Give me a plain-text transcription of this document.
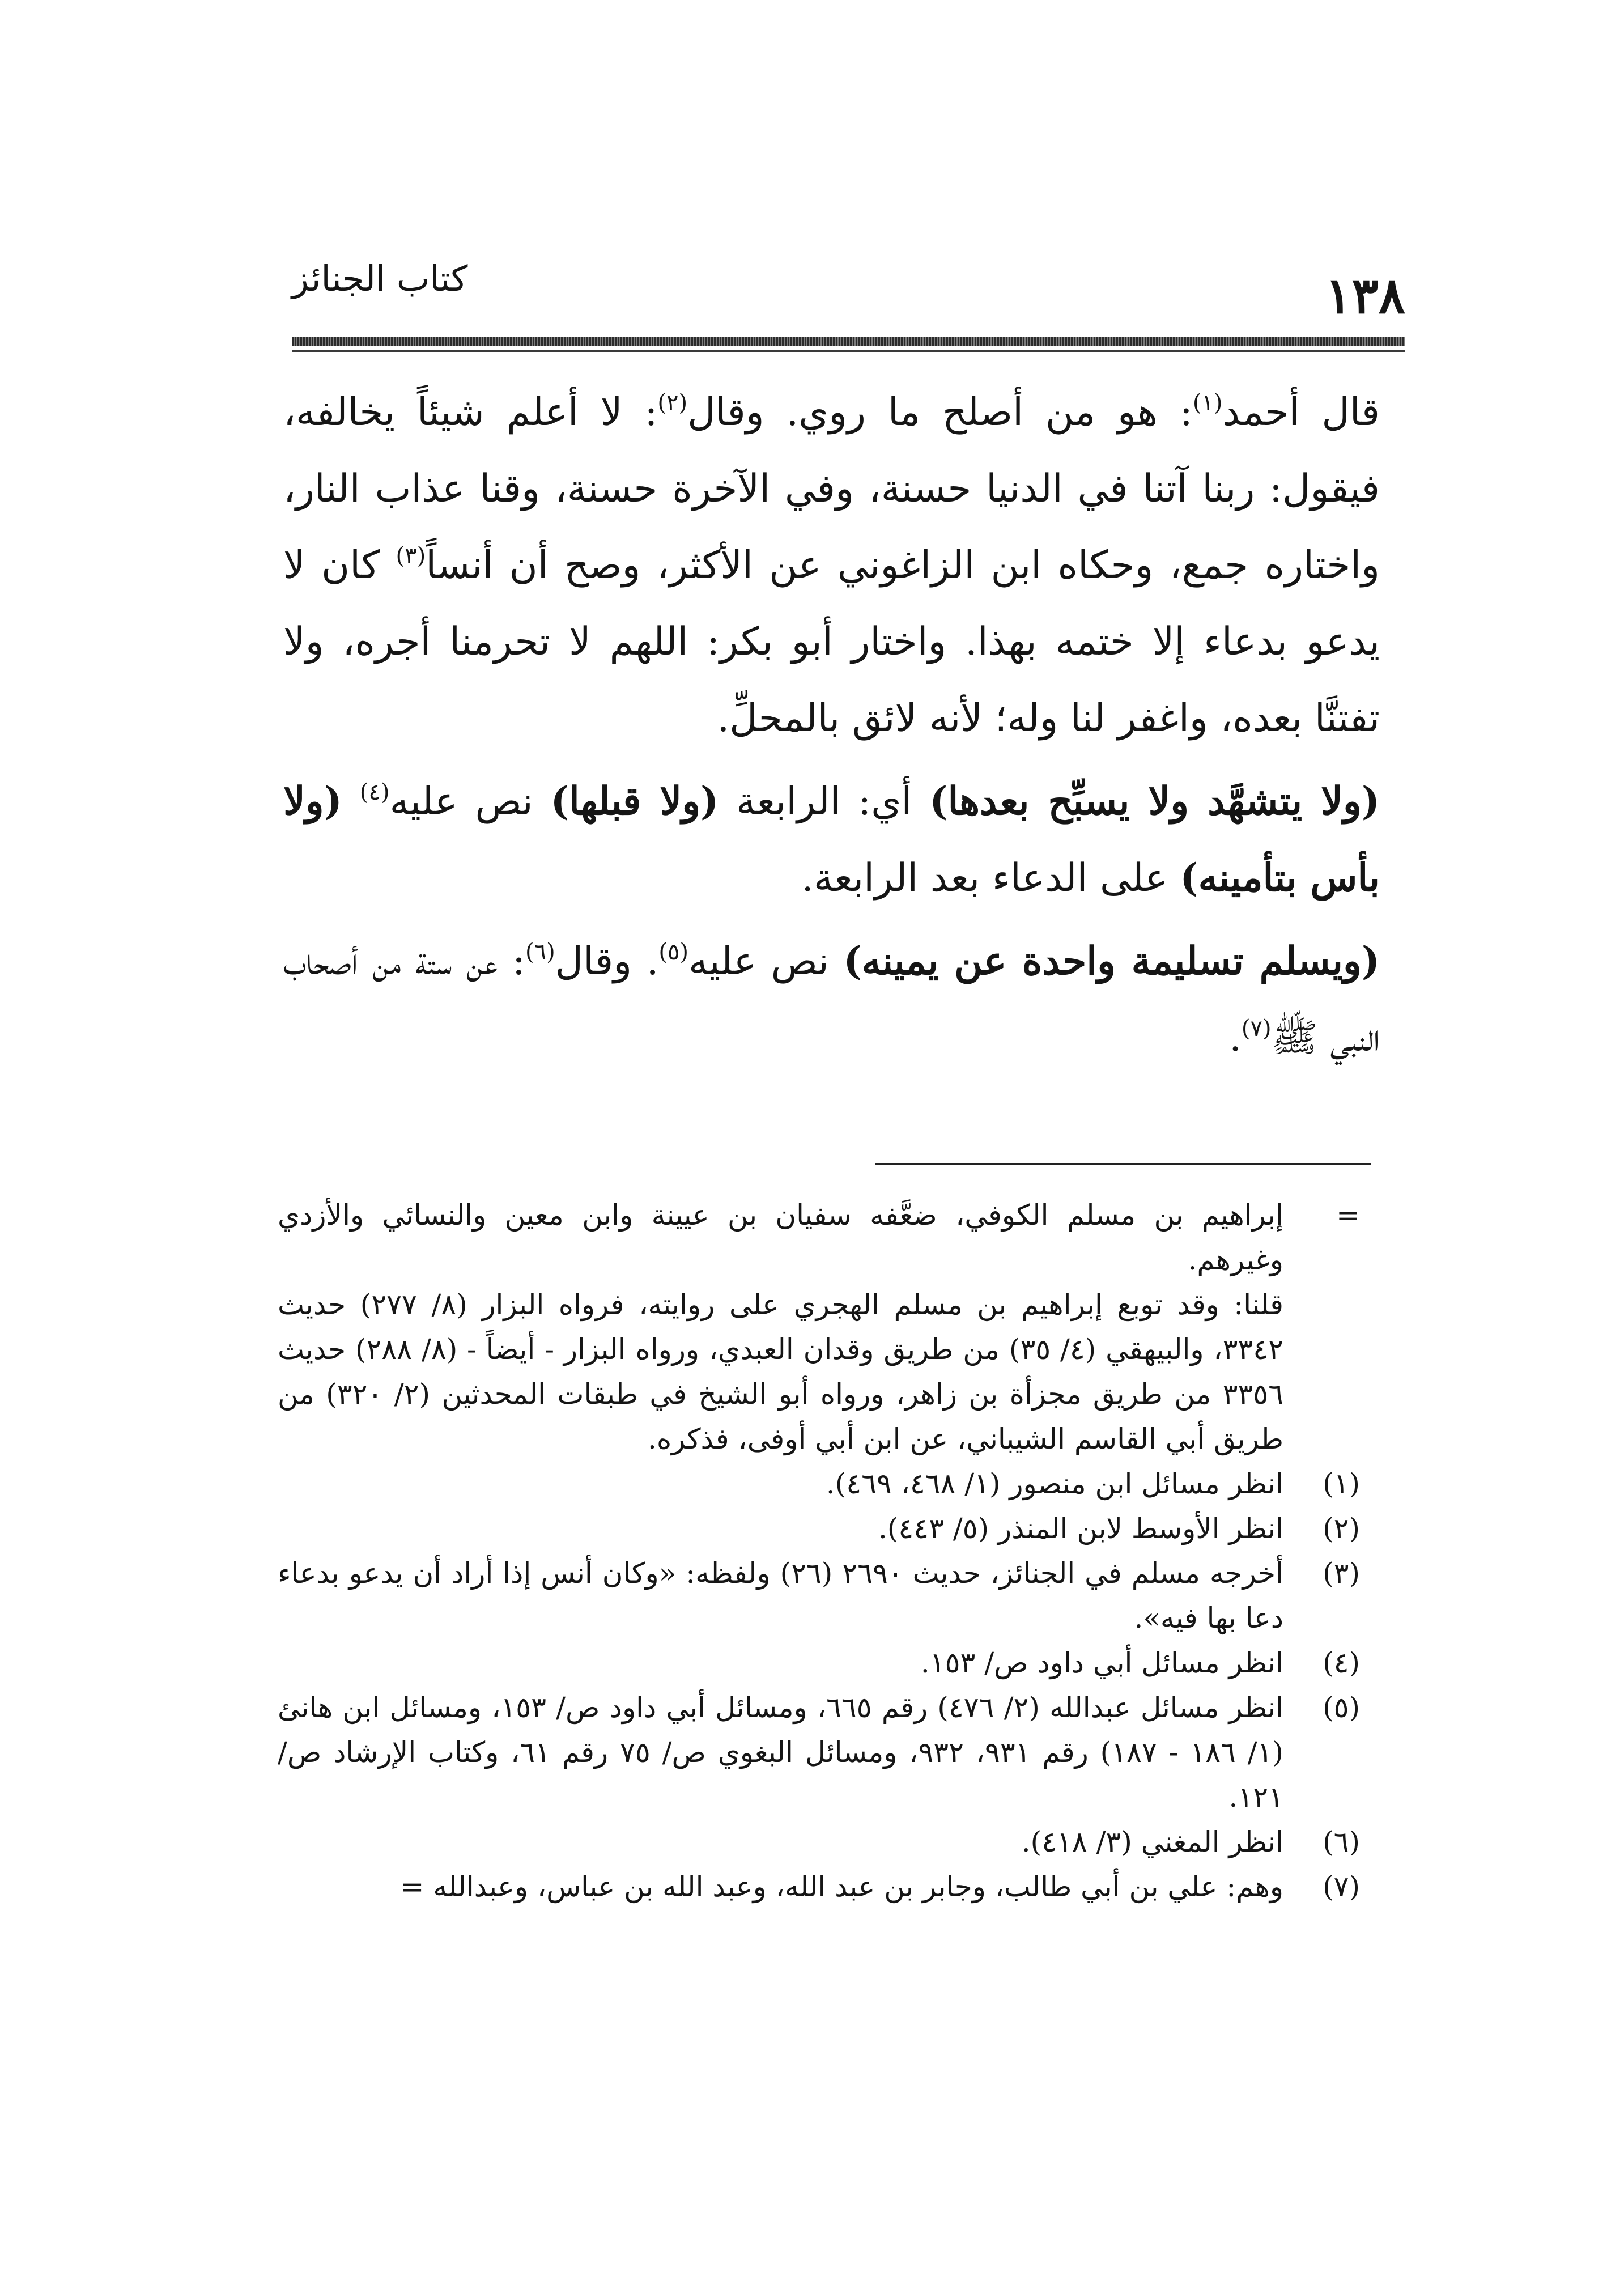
١٣٨
كتاب الجنائز

قال أحمد$^{(١)}$: هو من أصلح ما روي. وقال$^{(٢)}$: لا أعلم شيئاً يخالفه، فيقول: ربنا آتنا في الدنيا حسنة، وفي الآخرة حسنة، وقنا عذاب النار، واختاره جمع، وحكاه ابن الزاغوني عن الأكثر، وصح أن أنساً$^{(٣)}$ كان لا يدعو بدعاء إلا ختمه بهذا. واختار أبو بكر: اللهم لا تحرمنا أجره، ولا تفتنَّا بعده، واغفر لنا وله؛ لأنه لائق بالمحلِّ.

(ولا يتشهَّد ولا يسبِّح بعدها) أي: الرابعة (ولا قبلها) نص عليه$^{(٤)}$ (ولا بأس بتأمينه) على الدعاء بعد الرابعة.

(ويسلم تسليمة واحدة عن يمينه) نص عليه$^{(٥)}$. وقال$^{(٦)}$: عن ستة من أصحاب النبي ﷺ$^{(٧)}$.

=
إبراهيم بن مسلم الكوفي، ضعَّفه سفيان بن عيينة وابن معين والنسائي والأزدي وغيرهم.
قلنا: وقد توبع إبراهيم بن مسلم الهجري على روايته، فرواه البزار (٨/ ٢٧٧) حديث ٣٣٤٢، والبيهقي (٤/ ٣٥) من طريق وقدان العبدي، ورواه البزار - أيضاً - (٨/ ٢٨٨) حديث ٣٣٥٦ من طريق مجزأة بن زاهر، ورواه أبو الشيخ في طبقات المحدثين (٢/ ٣٢٠) من طريق أبي القاسم الشيباني، عن ابن أبي أوفى، فذكره.
(١)
انظر مسائل ابن منصور (١/ ٤٦٨، ٤٦٩).
(٢)
انظر الأوسط لابن المنذر (٥/ ٤٤٣).
(٣)
أخرجه مسلم في الجنائز، حديث ٢٦٩٠ (٢٦) ولفظه: «وكان أنس إذا أراد أن يدعو بدعاء دعا بها فيه».
(٤)
انظر مسائل أبي داود ص/ ١٥٣.
(٥)
انظر مسائل عبدالله (٢/ ٤٧٦) رقم ٦٦٥، ومسائل أبي داود ص/ ١٥٣، ومسائل ابن هانئ (١/ ١٨٦ - ١٨٧) رقم ٩٣١، ٩٣٢، ومسائل البغوي ص/ ٧٥ رقم ٦١، وكتاب الإرشاد ص/ ١٢١.
(٦)
انظر المغني (٣/ ٤١٨).
(٧)
وهم: علي بن أبي طالب، وجابر بن عبد الله، وعبد الله بن عباس، وعبدالله =
